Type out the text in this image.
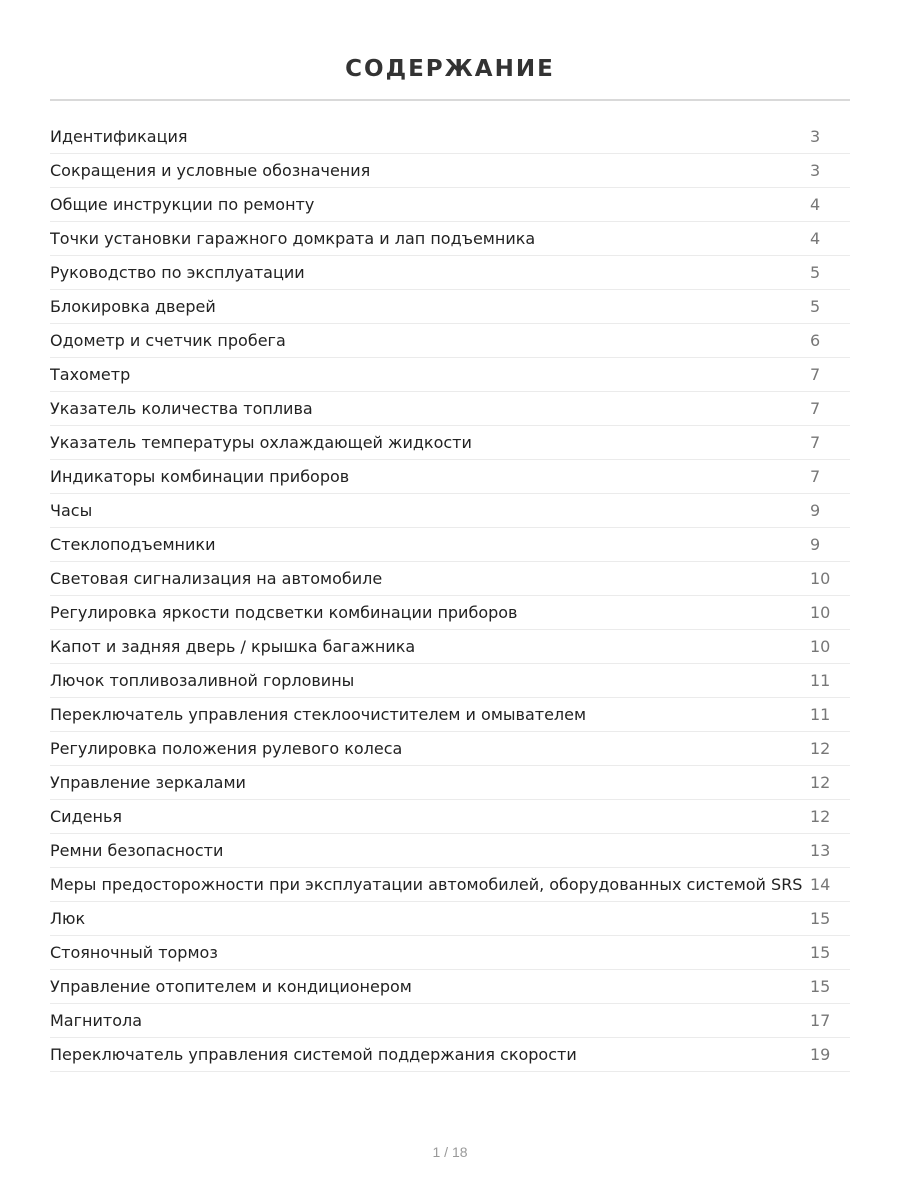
СОДЕРЖАНИЕ
Идентификация	3
Сокращения и условные обозначения	3
Общие инструкции по ремонту	4
Точки установки гаражного домкрата и лап подъемника	4
Руководство по эксплуатации	5
Блокировка дверей	5
Одометр и счетчик пробега	6
Тахометр	7
Указатель количества топлива	7
Указатель температуры охлаждающей жидкости	7
Индикаторы комбинации приборов	7
Часы	9
Стеклоподъемники	9
Световая сигнализация на автомобиле	10
Регулировка яркости подсветки комбинации приборов	10
Капот и задняя дверь / крышка багажника	10
Лючок топливозаливной горловины	11
Переключатель управления стеклоочистителем и омывателем	11
Регулировка положения рулевого колеса	12
Управление зеркалами	12
Сиденья	12
Ремни безопасности	13
Меры предосторожности при эксплуатации автомобилей, оборудованных системой SRS 14
Люк	15
Стояночный тормоз	15
Управление отопителем и кондиционером	15
Магнитола	17
Переключатель управления системой поддержания скорости	19
1 / 18
